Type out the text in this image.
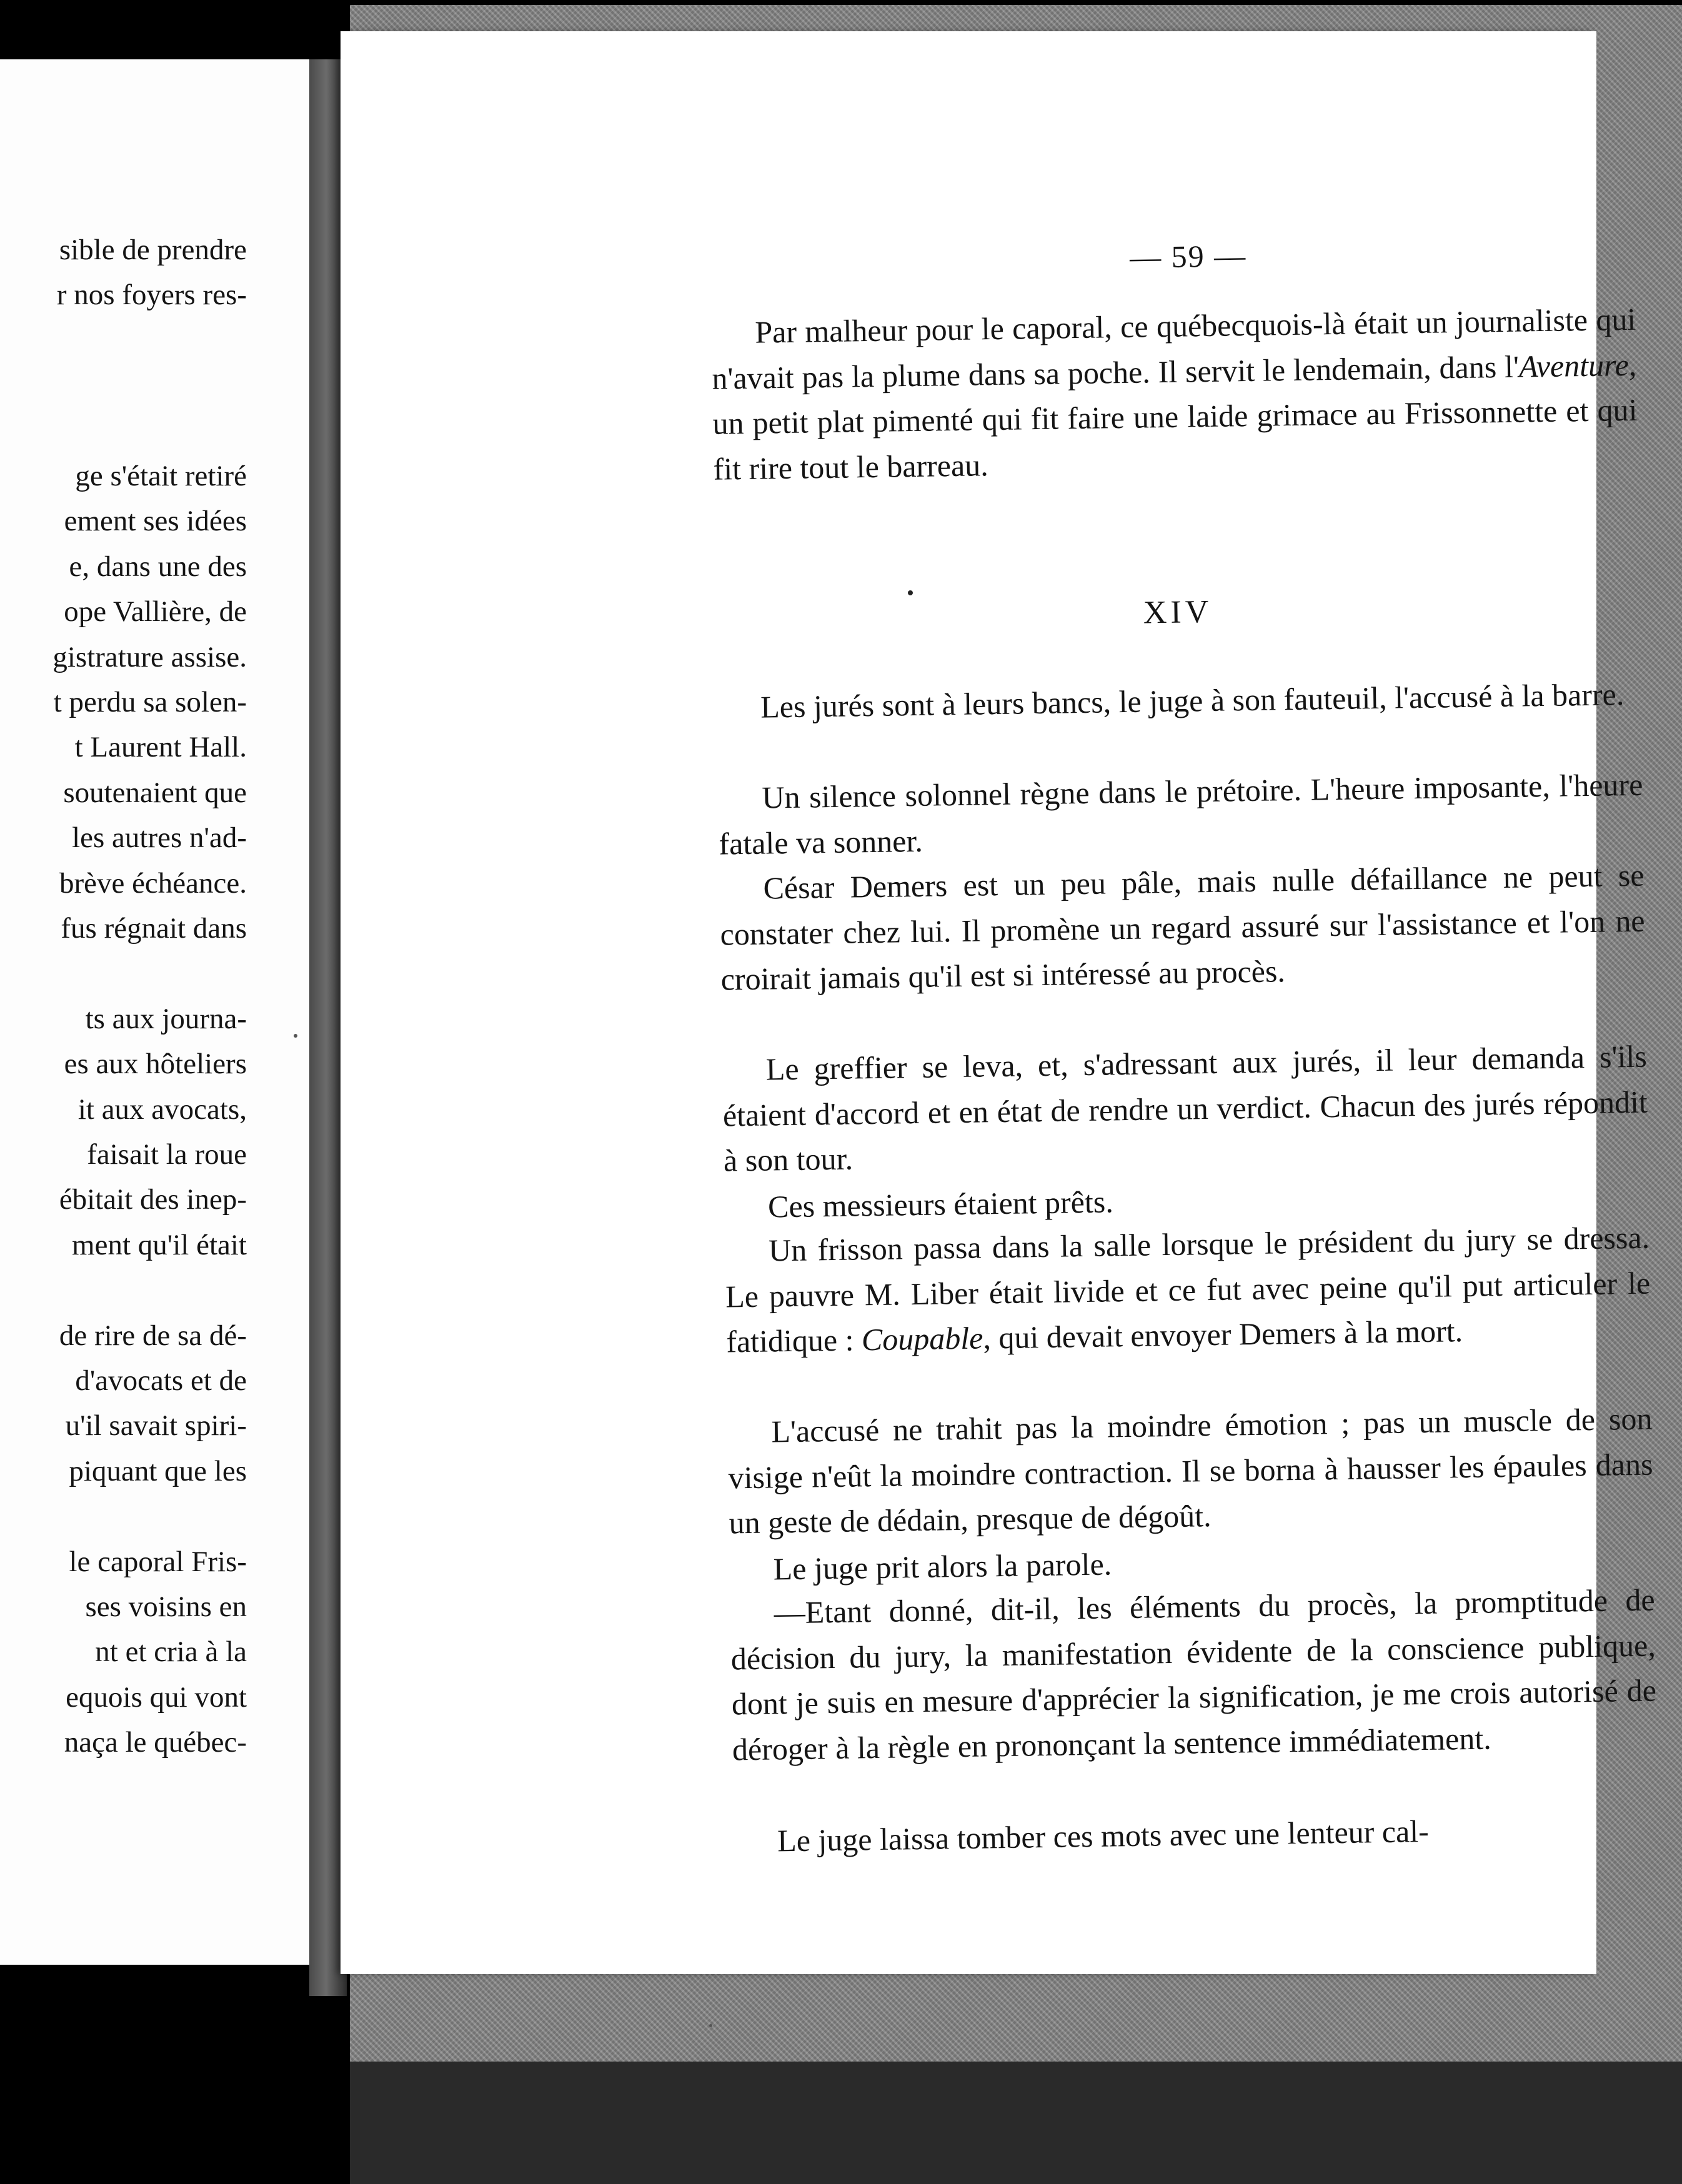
sible de prendre
r nos foyers res-
ge s'était retiré
ement ses idées
e, dans une des
ope Vallière, de
gistrature assise.
t perdu sa solen-
t Laurent Hall.
soutenaient que
les autres n'ad-
brève échéance.
fus régnait dans
ts aux journa-
es aux hôteliers
it aux avocats,
faisait la roue
ébitait des inep-
ment qu'il était
de rire de sa dé-
d'avocats et de
u'il savait spiri-
piquant que les
le caporal Fris-
ses voisins en
nt et cria à la
equois qui vont
naça le québec-
— 59 —
Par malheur pour le caporal, ce québecquois-là était un journaliste qui n'avait pas la plume dans sa poche. Il servit le lendemain, dans l'Aventure, un petit plat pimenté qui fit faire une laide grimace au Frissonnette et qui fit rire tout le barreau.
XIV
Les jurés sont à leurs bancs, le juge à son fauteuil, l'accusé à la barre.
Un silence solonnel règne dans le prétoire. L'heure imposante, l'heure fatale va sonner.
César Demers est un peu pâle, mais nulle défaillance ne peut se constater chez lui. Il promène un regard assuré sur l'assistance et l'on ne croirait jamais qu'il est si intéressé au procès.
Le greffier se leva, et, s'adressant aux jurés, il leur demanda s'ils étaient d'accord et en état de rendre un verdict. Chacun des jurés répondit à son tour.
Ces messieurs étaient prêts.
Un frisson passa dans la salle lorsque le président du jury se dressa. Le pauvre M. Liber était livide et ce fut avec peine qu'il put articuler le fatidique : Coupable, qui devait envoyer Demers à la mort.
L'accusé ne trahit pas la moindre émotion ; pas un muscle de son visige n'eût la moindre contraction. Il se borna à hausser les épaules dans un geste de dédain, presque de dégoût.
Le juge prit alors la parole.
—Etant donné, dit-il, les éléments du procès, la promptitude de décision du jury, la manifestation évidente de la conscience publique, dont je suis en mesure d'apprécier la signification, je me crois autorisé de déroger à la règle en prononçant la sentence immédiatement.
Le juge laissa tomber ces mots avec une lenteur cal-
